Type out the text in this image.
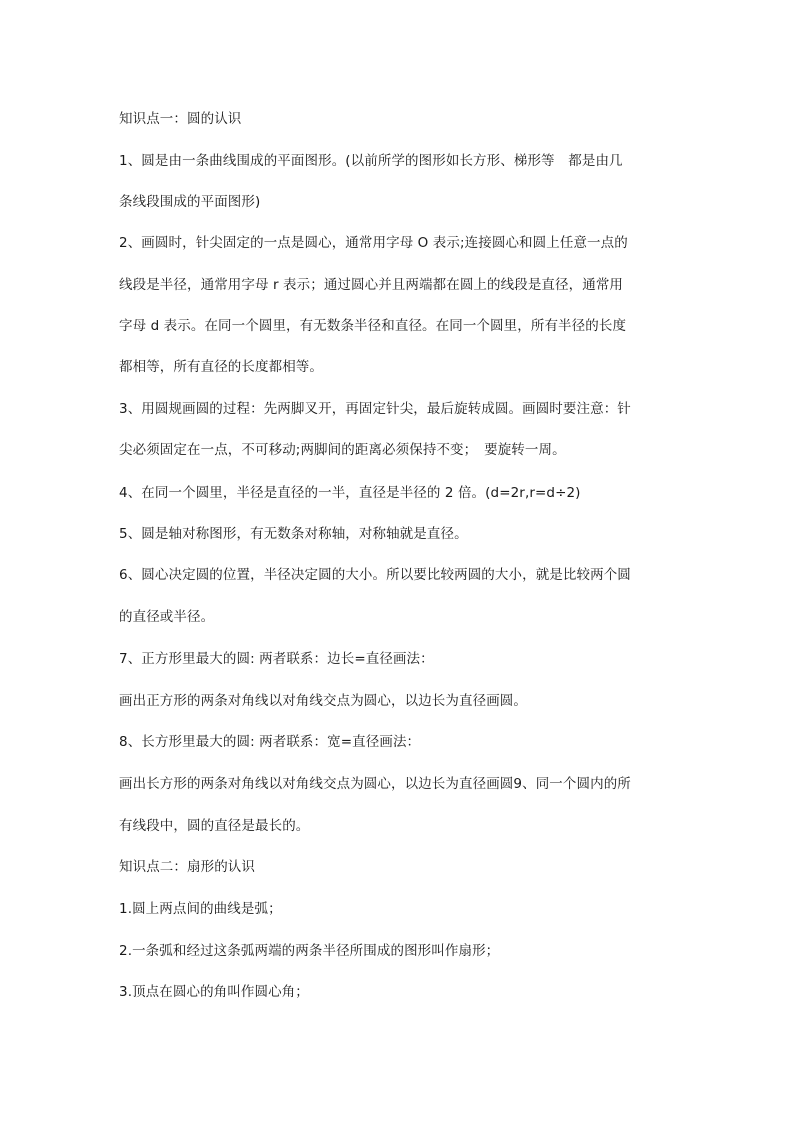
知识点一：圆的认识
1、圆是由一条曲线围成的平面图形。(以前所学的图形如长方形、梯形等　都是由几
条线段围成的平面图形)
2、画圆时，针尖固定的一点是圆心，通常用字母 O 表示;连接圆心和圆上任意一点的
线段是半径，通常用字母 r 表示；通过圆心并且两端都在圆上的线段是直径，通常用
字母 d 表示。在同一个圆里，有无数条半径和直径。在同一个圆里，所有半径的长度
都相等，所有直径的长度都相等。
3、用圆规画圆的过程：先两脚叉开，再固定针尖，最后旋转成圆。画圆时要注意：针
尖必须固定在一点，不可移动;两脚间的距离必须保持不变；　要旋转一周。
4、在同一个圆里，半径是直径的一半，直径是半径的 2 倍。(d=2r,r=d÷2)
5、圆是轴对称图形，有无数条对称轴，对称轴就是直径。
6、圆心决定圆的位置，半径决定圆的大小。所以要比较两圆的大小，就是比较两个圆
的直径或半径。
7、正方形里最大的圆: 两者联系：边长=直径画法：
画出正方形的两条对角线以对角线交点为圆心，以边长为直径画圆。
8、长方形里最大的圆: 两者联系：宽=直径画法：
画出长方形的两条对角线以对角线交点为圆心，以边长为直径画圆9、同一个圆内的所
有线段中，圆的直径是最长的。
知识点二：扇形的认识
1.圆上两点间的曲线是弧；
2.一条弧和经过这条弧两端的两条半径所围成的图形叫作扇形；
3.顶点在圆心的角叫作圆心角；
